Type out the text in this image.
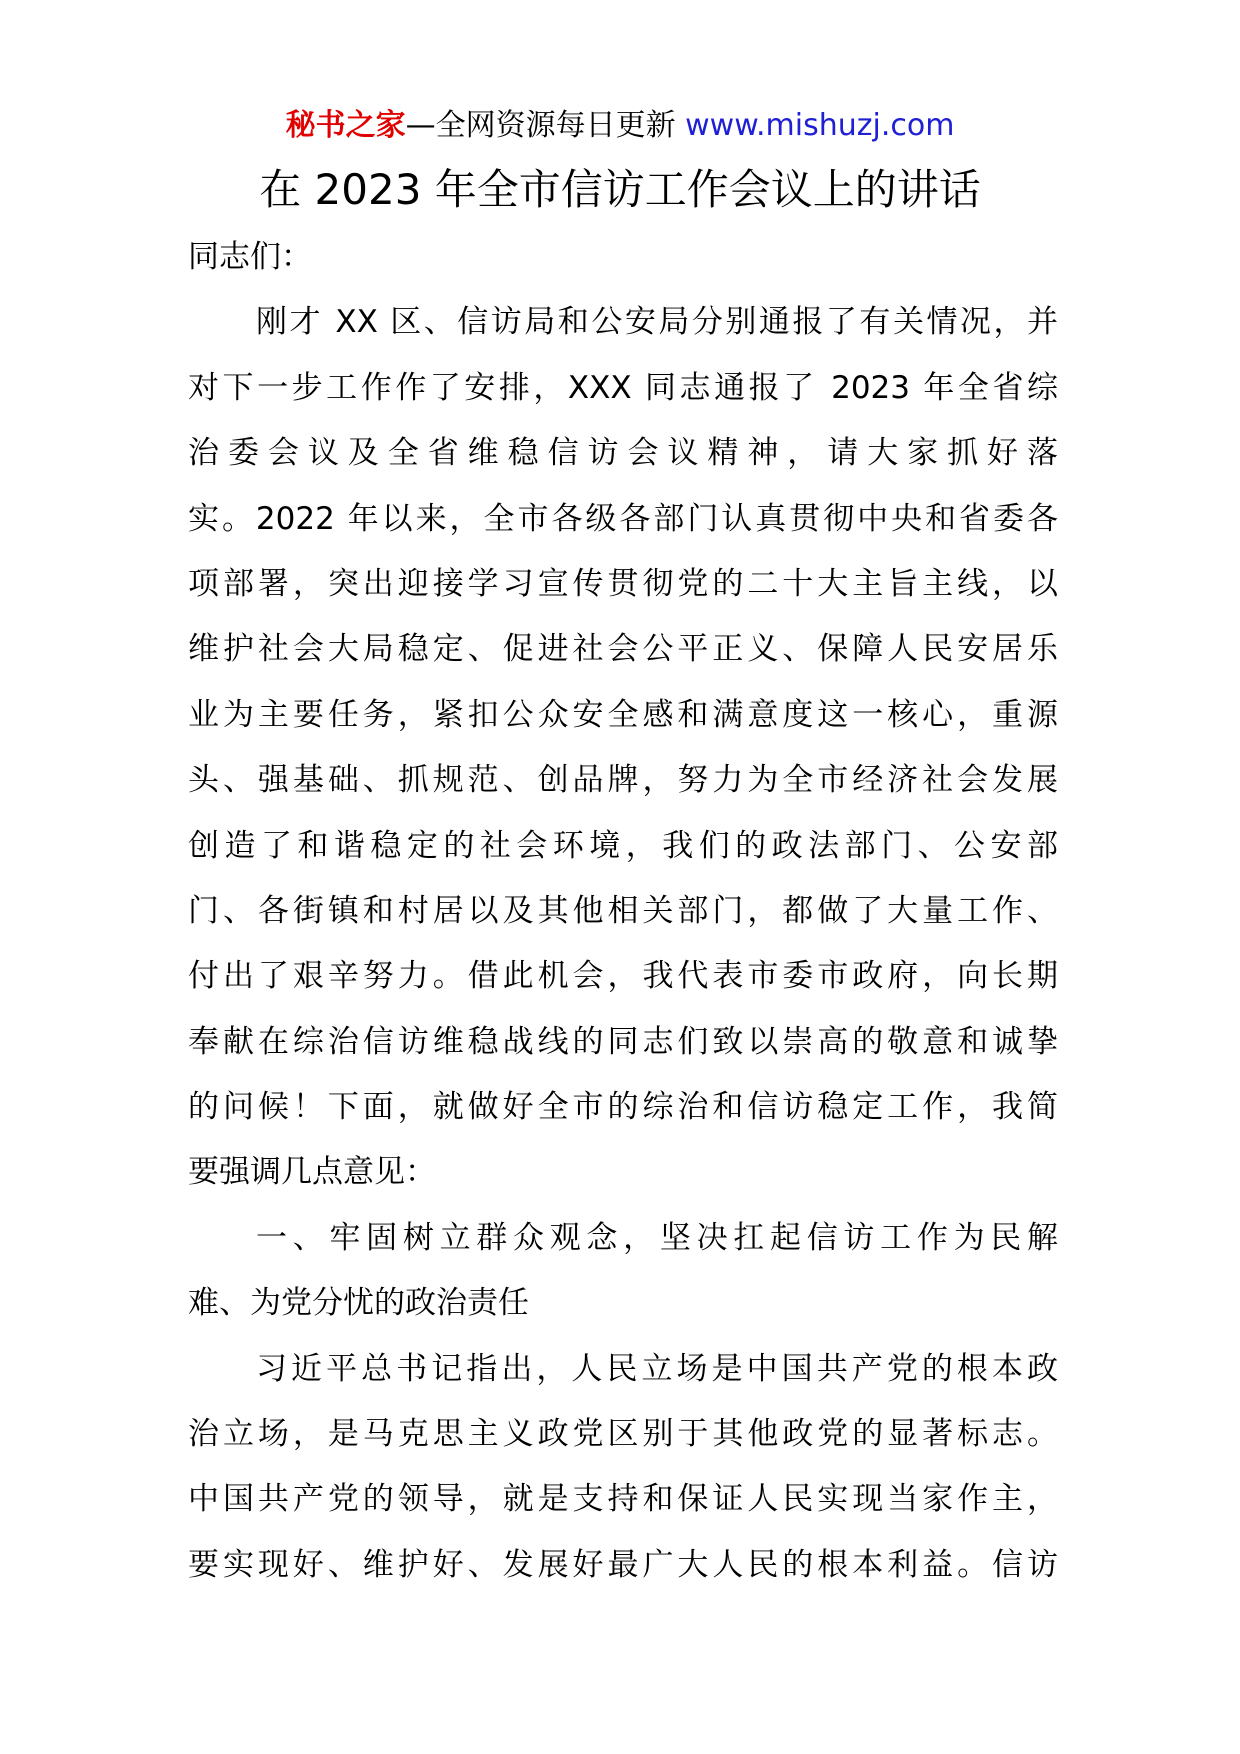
秘书之家—全网资源每日更新 www.mishuzj.com
在 2023 年全市信访工作会议上的讲话
同志们：
刚才 XX 区、信访局和公安局分别通报了有关情况，并
对下一步工作作了安排，XXX 同志通报了 2023 年全省综
治委会议及全省维稳信访会议精神，请大家抓好落
实。2022 年以来，全市各级各部门认真贯彻中央和省委各
项部署，突出迎接学习宣传贯彻党的二十大主旨主线，以
维护社会大局稳定、促进社会公平正义、保障人民安居乐
业为主要任务，紧扣公众安全感和满意度这一核心，重源
头、强基础、抓规范、创品牌，努力为全市经济社会发展
创造了和谐稳定的社会环境，我们的政法部门、公安部
门、各街镇和村居以及其他相关部门，都做了大量工作、
付出了艰辛努力。借此机会，我代表市委市政府，向长期
奉献在综治信访维稳战线的同志们致以崇高的敬意和诚挚
的问候！下面，就做好全市的综治和信访稳定工作，我简
要强调几点意见：
一、牢固树立群众观念，坚决扛起信访工作为民解
难、为党分忧的政治责任
习近平总书记指出，人民立场是中国共产党的根本政
治立场，是马克思主义政党区别于其他政党的显著标志。
中国共产党的领导，就是支持和保证人民实现当家作主，
要实现好、维护好、发展好最广大人民的根本利益。信访
